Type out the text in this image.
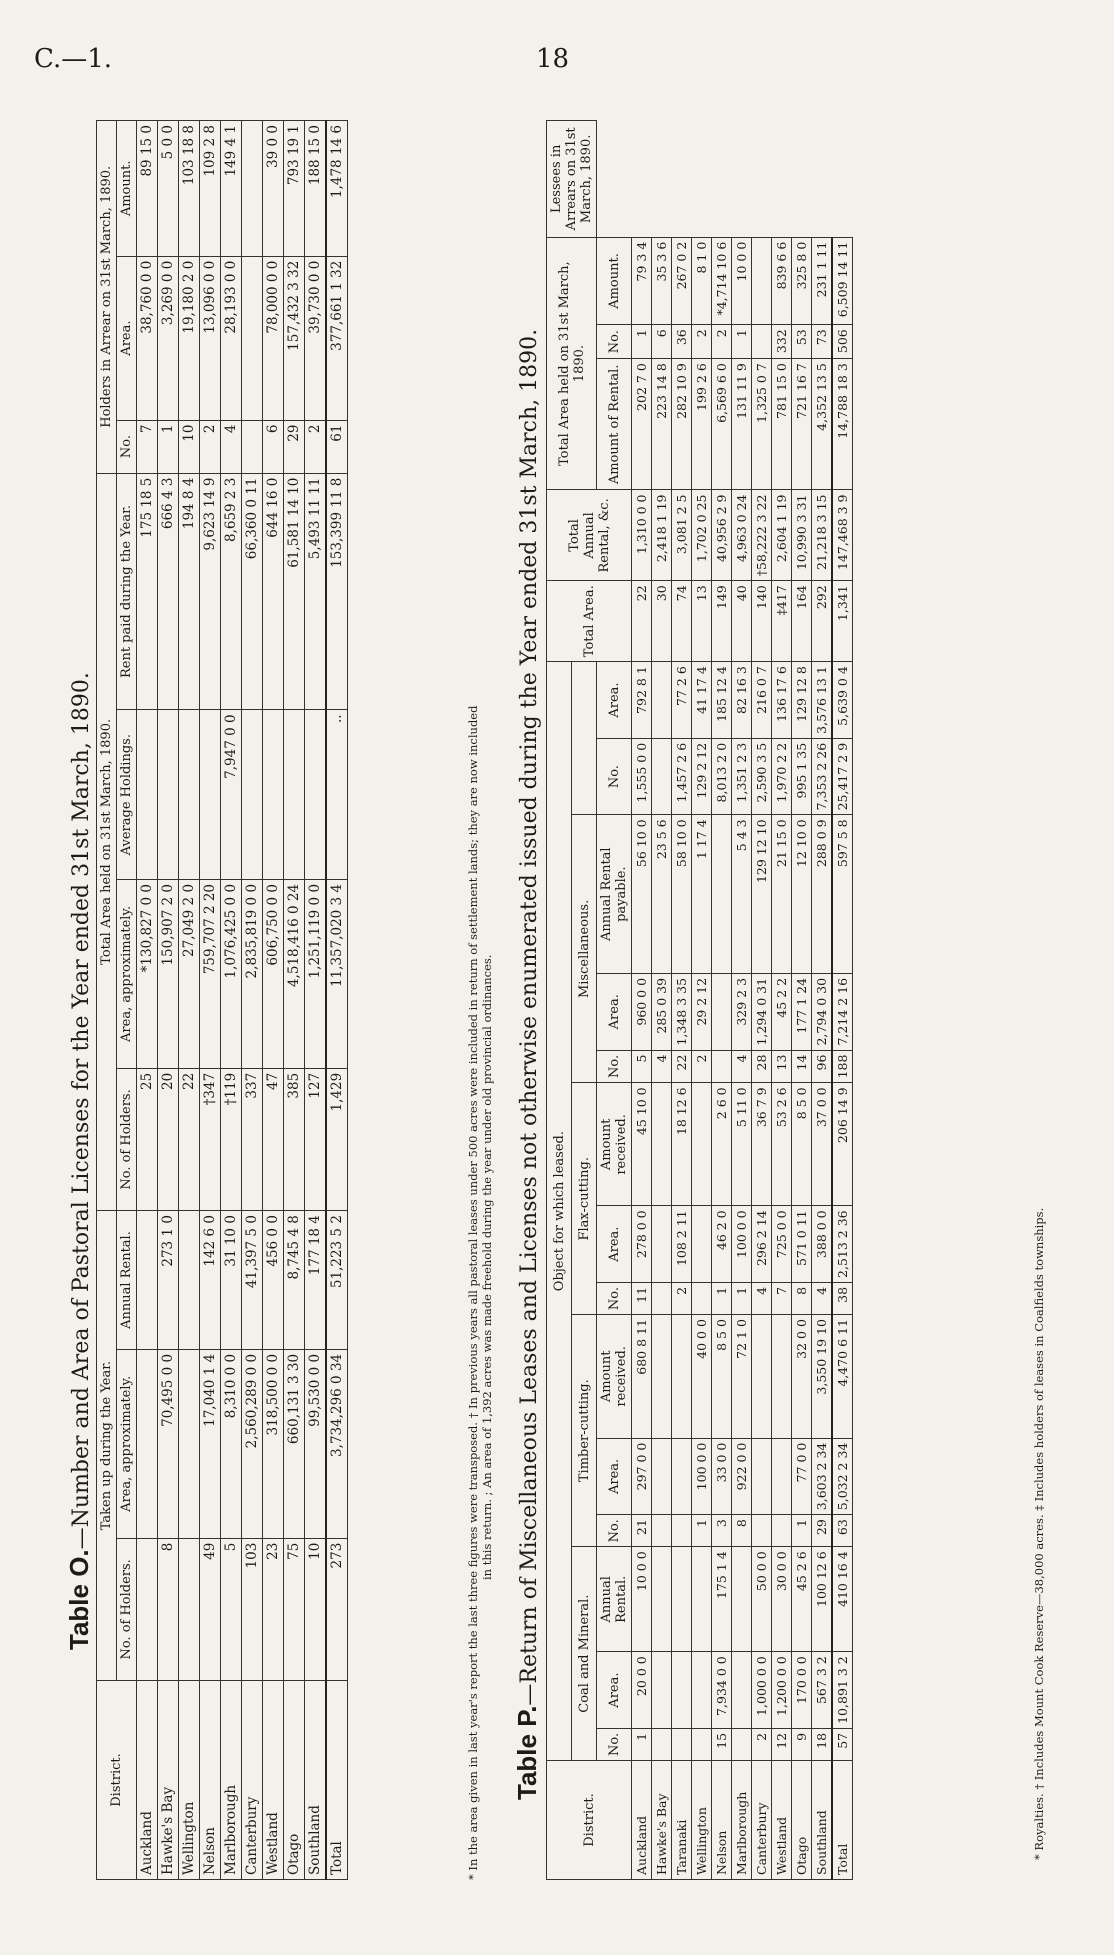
C.—1.	18

Table O.—Number and Area of Pastoral Licenses for the Year ended 31st March, 1890.

District.	Taken up during the Year.			Total Area held on 31st March, 1890.				Holders in Arrear on 31st March, 1890.		
	No. of Holders.	Area, approximately.	Annual Rental.	No. of Holders.	Area, approximately.	Average Holdings.	Rent paid during the Year.	No.	Area.	Amount.
Auckland				25	*130,827 0 0		175 18 5	7	38,760 0 0	89 15 0
Hawke's Bay	8	70,495 0 0	273 1 0	20	150,907 2 0		666 4 3	1	3,269 0 0	5 0 0
Wellington				22	27,049 2 0		194 8 4	10	19,180 2 0	103 18 8
Nelson	49	17,040 1 4	142 6 0	†347	759,707 2 20		9,623 14 9	2	13,096 0 0	109 2 8
Marlborough	5	8,310 0 0	31 10 0	†119	1,076,425 0 0	7,947 0 0	8,659 2 3	4	28,193 0 0	149 4 1
Canterbury	103	2,560,289 0 0	41,397 5 0	337	2,835,819 0 0		66,360 0 11			
Westland	23	318,500 0 0	456 0 0	47	606,750 0 0		644 16 0	6	78,000 0 0	39 0 0
Otago	75	660,131 3 30	8,745 4 8	385	4,518,416 0 24		61,581 14 10	29	157,432 3 32	793 19 1
Southland	10	99,530 0 0	177 18 4	127	1,251,119 0 0		5,493 11 11	2	39,730 0 0	188 15 0
Total	273	3,734,296 0 34	51,223 5 2	1,429	11,357,020 3 4	..	153,399 11 8	61	377,661 1 32	1,478 14 6
* In the area given in last year's report the last three figures were transposed. † In previous years all pastoral leases under 500 acres were included in return of settlement lands; they are now included in this return. ; An area of 1,392 acres was made freehold during the year under old provincial ordinances.

Table P.—Return of Miscellaneous Leases and Licenses not otherwise enumerated issued during the Year ended 31st March, 1890.

District.	Object for which leased.														Total Area.	Total Annual Rental, &c.	Total Area held on 31st March, 1890.			Lessees in Arrears on 31st March, 1890.
	Coal and Mineral.			Timber-cutting.			Flax-cutting.			Miscellaneous.										
	No.	Area.	Annual Rental.	No.	Area.	Amount received.	No.	Area.	Amount received.	No.	Area.	Annual Rental payable.	No.	Area.			Amount of Rental.	No.	Amount.	
Auckland	1	20 0 0	10 0 0	21	297 0 0	680 8 11	11	278 0 0	45 10 0	5	960 0 0	56 10 0	1,555 0 0	792 8 1	22	1,310 0 0	202 7 0	1	79 3 4	
Hawke's Bay										4	285 0 39	23 5 6			30	2,418 1 19	223 14 8	6	35 3 6	
Taranaki							2	108 2 11	18 12 6	22	1,348 3 35	58 10 0	1,457 2 6	77 2 6	74	3,081 2 5	282 10 9	36	267 0 2	
Wellington				1	100 0 0	40 0 0				2	29 2 12	1 17 4	129 2 12	41 17 4	13	1,702 0 25	199 2 6	2	8 1 0	
Nelson	15	7,934 0 0	175 1 4	3	33 0 0	8 5 0	1	46 2 0	2 6 0				8,013 2 0	185 12 4	149	40,956 2 9	6,569 6 0	2	*4,714 10 6	
Marlborough				8	922 0 0	72 1 0	1	100 0 0	5 11 0	4	329 2 3	5 4 3	1,351 2 3	82 16 3	40	4,963 0 24	131 11 9	1	10 0 0	
Canterbury	2	1,000 0 0	50 0 0				4	296 2 14	36 7 9	28	1,294 0 31	129 12 10	2,590 3 5	216 0 7	140	†58,222 3 22	1,325 0 7			
Westland	12	1,200 0 0	30 0 0				7	725 0 0	53 2 6	13	45 2 2	21 15 0	1,970 2 2	136 17 6	‡417	2,604 1 19	781 15 0	332	839 6 6	
Otago	9	170 0 0	45 2 6	1	77 0 0	32 0 0	8	571 0 11	8 5 0	14	177 1 24	12 10 0	995 1 35	129 12 8	164	10,990 3 31	721 16 7	53	325 8 0	
Southland	18	567 3 2	100 12 6	29	3,603 2 34	3,550 19 10	4	388 0 0	37 0 0	96	2,794 0 30	288 0 9	7,353 2 26	3,576 13 1	292	21,218 3 15	4,352 13 5	73	231 1 11	
Total	57	10,891 3 2	410 16 4	63	5,032 2 34	4,470 6 11	38	2,513 2 36	206 14 9	188	7,214 2 16	597 5 8	25,417 2 9	5,639 0 4	1,341	147,468 3 9	14,788 18 3	506	6,509 14 11	
* Royalties. † Includes Mount Cook Reserve—38,000 acres. ‡ Includes holders of leases in Coalfields townships.
